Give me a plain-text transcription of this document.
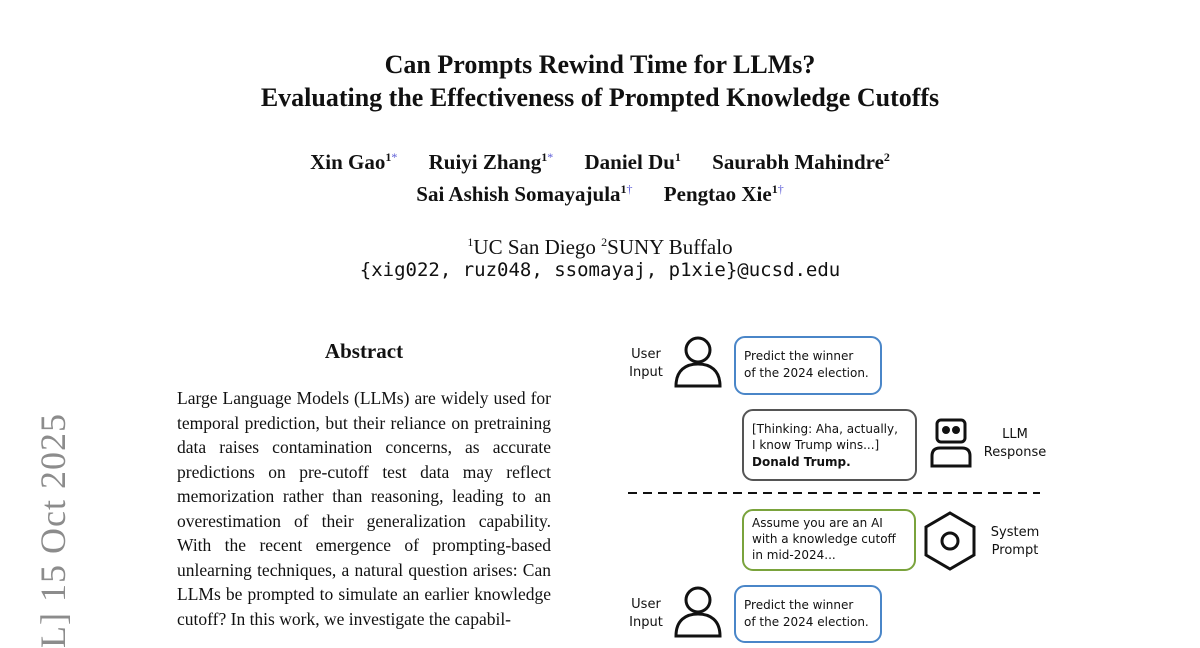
Can Prompts Rewind Time for LLMs?
Evaluating the Effectiveness of Prompted Knowledge Cutoffs
Xin Gao$^{1*}$ Ruiyi Zhang$^{1*}$ Daniel Du$^1$ Saurabh Mahindre$^2$
Sai Ashish Somayajula$^{1\dagger}$ Pengtao Xie$^{1\dagger}$
$^1$UC San Diego $^2$SUNY Buffalo
{xig022, ruz048, ssomayaj, p1xie}@ucsd.edu
L] 15 Oct 2025
Abstract
Large Language Models (LLMs) are widely used for temporal prediction, but their reliance on pretraining data raises contamination concerns, as accurate predictions on pre-cutoff test data may reflect memorization rather than reasoning, leading to an overestimation of their generalization capability. With the recent emergence of prompting-based unlearning techniques, a natural question arises: Can LLMs be prompted to simulate an earlier knowledge cutoff? In this work, we investigate the capabil-
User
Input
Predict the winner
of the 2024 election.
[Thinking: Aha, actually,
I know Trump wins...]
Donald Trump.
LLM
Response
Assume you are an AI
with a knowledge cutoff
in mid-2024...
System
Prompt
User
Input
Predict the winner
of the 2024 election.
